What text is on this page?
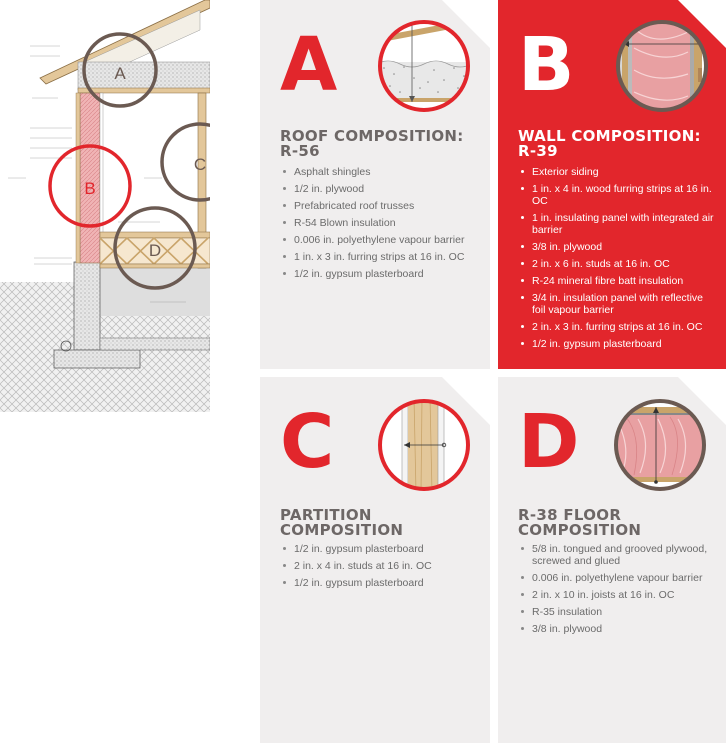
A
B
C
D
A
ROOF COMPOSITION: R-56
Asphalt shingles
1/2 in. plywood
Prefabricated roof trusses
R-54 Blown insulation
0.006 in. polyethylene vapour barrier
1 in. x 3 in. furring strips at 16 in. OC
1/2 in. gypsum plasterboard
B
WALL COMPOSITION: R-39
Exterior siding
1 in. x 4 in. wood furring strips at 16 in. OC
1 in. insulating panel with integrated air barrier
3/8 in. plywood
2 in. x 6 in. studs at 16 in. OC
R-24 mineral fibre batt insulation
3/4 in. insulation panel with reflective foil vapour barrier
2 in. x 3 in. furring strips at 16 in. OC
1/2 in. gypsum plasterboard
C
PARTITION COMPOSITION
1/2 in. gypsum plasterboard
2 in. x 4 in. studs at 16 in. OC
1/2 in. gypsum plasterboard
D
R-38 FLOOR COMPOSITION
5/8 in. tongued and grooved plywood, screwed and glued
0.006 in. polyethylene vapour barrier
2 in. x 10 in. joists at 16 in. OC
R-35 insulation
3/8 in. plywood
